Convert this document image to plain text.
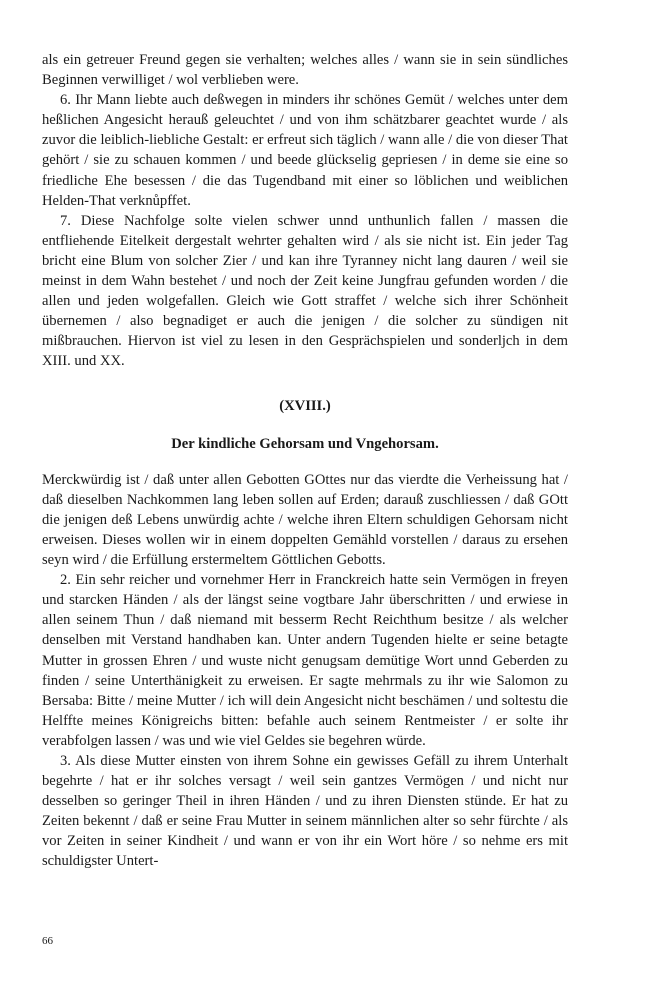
als ein getreuer Freund gegen sie verhalten; welches alles / wann sie in sein sündliches Beginnen verwilliget / wol verblieben were.

6. Ihr Mann liebte auch deßwegen in minders ihr schönes Gemüt / welches unter dem heßlichen Angesicht herauß geleuchtet / und von ihm schätzbarer geachtet wurde / als zuvor die leiblich-liebliche Gestalt: er erfreut sich täglich / wann alle / die von dieser That gehört / sie zu schauen kommen / und beede glückselig gepriesen / in deme sie eine so friedliche Ehe besessen / die das Tugendband mit einer so löblichen und weiblichen Helden-That verknůpffet.

7. Diese Nachfolge solte vielen schwer unnd unthunlich fallen / massen die entfliehende Eitelkeit dergestalt wehrter gehalten wird / als sie nicht ist. Ein jeder Tag bricht eine Blum von solcher Zier / und kan ihre Tyranney nicht lang dauren / weil sie meinst in dem Wahn bestehet / und noch der Zeit keine Jungfrau gefunden worden / die allen und jeden wolgefallen. Gleich wie Gott straffet / welche sich ihrer Schönheit übernemen / also begnadiget er auch die jenigen / die solcher zu sündigen nit mißbrauchen. Hiervon ist viel zu lesen in den Gesprächspielen und sonderljch in dem XIII. und XX.

(XVIII.)
Der kindliche Gehorsam und Vngehorsam.

Merckwürdig ist / daß unter allen Gebotten GOttes nur das vierdte die Verheissung hat / daß dieselben Nachkommen lang leben sollen auf Erden; darauß zuschliessen / daß GOtt die jenigen deß Lebens unwürdig achte / welche ihren Eltern schuldigen Gehorsam nicht erweisen. Dieses wollen wir in einem doppelten Gemähld vorstellen / daraus zu ersehen seyn wird / die Erfüllung erstermeltem Göttlichen Gebotts.

2. Ein sehr reicher und vornehmer Herr in Franckreich hatte sein Vermögen in freyen und starcken Händen / als der längst seine vogtbare Jahr überschritten / und erwiese in allen seinem Thun / daß niemand mit besserm Recht Reichthum besitze / als welcher denselben mit Verstand handhaben kan. Unter andern Tugenden hielte er seine betagte Mutter in grossen Ehren / und wuste nicht genugsam demütige Wort unnd Geberden zu finden / seine Unterthänigkeit zu erweisen. Er sagte mehrmals zu ihr wie Salomon zu Bersaba: Bitte / meine Mutter / ich will dein Angesicht nicht beschämen / und soltestu die Helffte meines Königreichs bitten: befahle auch seinem Rentmeister / er solte ihr verabfolgen lassen / was und wie viel Geldes sie begehren würde.

3. Als diese Mutter einsten von ihrem Sohne ein gewisses Gefäll zu ihrem Unterhalt begehrte / hat er ihr solches versagt / weil sein gantzes Vermögen / und nicht nur desselben so geringer Theil in ihren Händen / und zu ihren Diensten stünde. Er hat zu Zeiten bekennt / daß er seine Frau Mutter in seinem männlichen alter so sehr fürchte / als vor Zeiten in seiner Kindheit / und wann er von ihr ein Wort höre / so nehme ers mit schuldigster Untert-

66
